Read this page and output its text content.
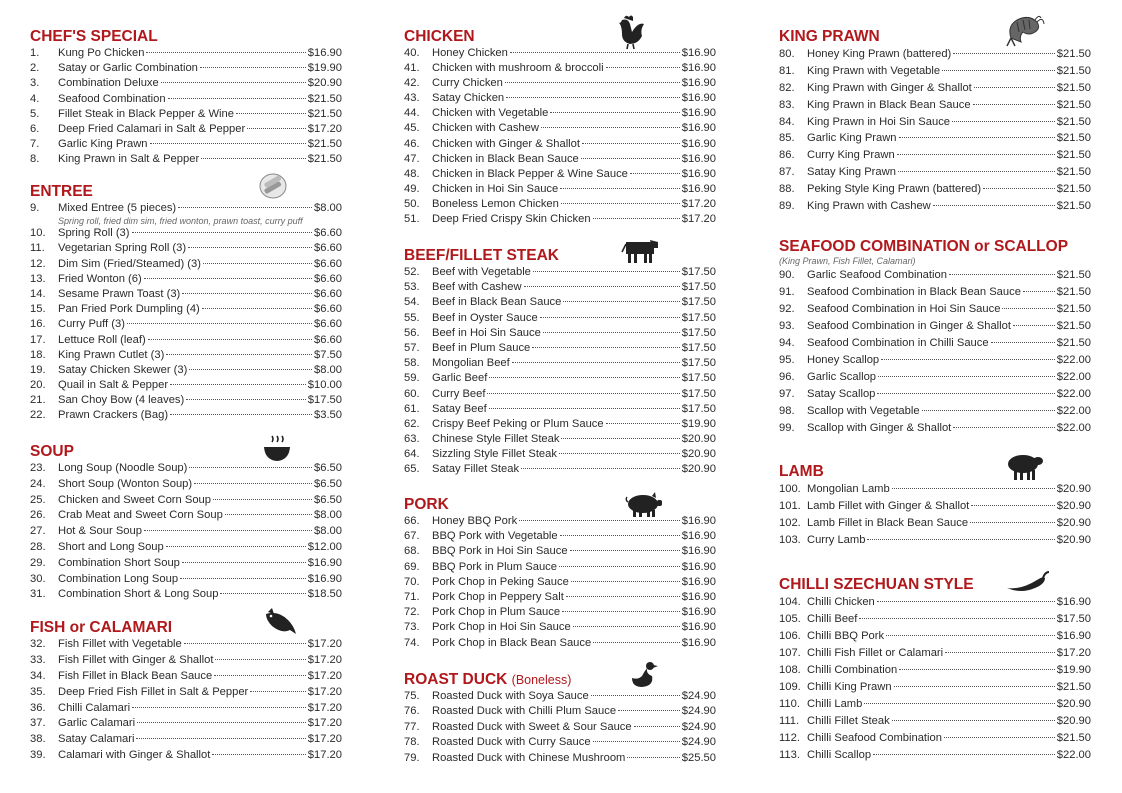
CHEF'S SPECIAL
1.	Kung Po Chicken	$16.90
2.	Satay or Garlic Combination	$19.90
3.	Combination Deluxe	$20.90
4.	Seafood Combination	$21.50
5.	Fillet Steak in Black Pepper & Wine	$21.50
6.	Deep Fried Calamari in Salt & Pepper	$17.20
7.	Garlic King Prawn	$21.50
8.	King Prawn in Salt & Pepper	$21.50
ENTREE
9.	Mixed Entree (5 pieces)	$8.00
Spring roll, fried dim sim, fried wonton, prawn toast, curry puff
10.	Spring Roll (3)	$6.60
11.	Vegetarian Spring Roll (3)	$6.60
12.	Dim Sim (Fried/Steamed) (3)	$6.60
13.	Fried Wonton (6)	$6.60
14.	Sesame Prawn Toast (3)	$6.60
15.	Pan Fried Pork Dumpling (4)	$6.60
16.	Curry Puff (3)	$6.60
17.	Lettuce Roll (leaf)	$6.60
18.	King Prawn Cutlet (3)	$7.50
19.	Satay Chicken Skewer (3)	$8.00
20.	Quail in Salt & Pepper	$10.00
21.	San Choy Bow (4 leaves)	$17.50
22.	Prawn Crackers (Bag)	$3.50
SOUP
23.	Long Soup (Noodle Soup)	$6.50
24.	Short Soup (Wonton Soup)	$6.50
25.	Chicken and Sweet Corn Soup	$6.50
26.	Crab Meat and Sweet Corn Soup	$8.00
27.	Hot & Sour Soup	$8.00
28.	Short and Long Soup	$12.00
29.	Combination Short Soup	$16.90
30.	Combination Long Soup	$16.90
31.	Combination Short & Long Soup	$18.50
FISH or CALAMARI
32.	Fish Fillet with Vegetable	$17.20
33.	Fish Fillet with Ginger & Shallot	$17.20
34.	Fish Fillet in Black Bean Sauce	$17.20
35.	Deep Fried Fish Fillet in Salt & Pepper	$17.20
36.	Chilli Calamari	$17.20
37.	Garlic Calamari	$17.20
38.	Satay Calamari	$17.20
39.	Calamari with Ginger & Shallot	$17.20
CHICKEN
40.	Honey Chicken	$16.90
41.	Chicken with mushroom & broccoli	$16.90
42.	Curry Chicken	$16.90
43.	Satay Chicken	$16.90
44.	Chicken with Vegetable	$16.90
45.	Chicken with Cashew	$16.90
46.	Chicken with Ginger & Shallot	$16.90
47.	Chicken in Black Bean Sauce	$16.90
48.	Chicken in Black Pepper & Wine Sauce	$16.90
49.	Chicken in Hoi Sin Sauce	$16.90
50.	Boneless Lemon Chicken	$17.20
51.	Deep Fried Crispy Skin Chicken	$17.20
BEEF/FILLET STEAK
52.	Beef with Vegetable	$17.50
53.	Beef with Cashew	$17.50
54.	Beef in Black Bean Sauce	$17.50
55.	Beef in Oyster Sauce	$17.50
56.	Beef in Hoi Sin Sauce	$17.50
57.	Beef in Plum Sauce	$17.50
58.	Mongolian Beef	$17.50
59.	Garlic Beef	$17.50
60.	Curry Beef	$17.50
61.	Satay Beef	$17.50
62.	Crispy Beef Peking or Plum Sauce	$19.90
63.	Chinese Style Fillet Steak	$20.90
64.	Sizzling Style Fillet Steak	$20.90
65.	Satay Fillet Steak	$20.90
PORK
66.	Honey BBQ Pork	$16.90
67.	BBQ Pork with Vegetable	$16.90
68.	BBQ Pork in Hoi Sin Sauce	$16.90
69.	BBQ Pork in Plum Sauce	$16.90
70.	Pork Chop in Peking Sauce	$16.90
71.	Pork Chop in Peppery Salt	$16.90
72.	Pork Chop in Plum Sauce	$16.90
73.	Pork Chop in Hoi Sin Sauce	$16.90
74.	Pork Chop in Black Bean Sauce	$16.90
ROAST DUCK (Boneless)
75.	Roasted Duck with Soya Sauce	$24.90
76.	Roasted Duck with Chilli Plum Sauce	$24.90
77.	Roasted Duck with Sweet & Sour Sauce	$24.90
78.	Roasted Duck with Curry Sauce	$24.90
79.	Roasted Duck with Chinese Mushroom	$25.50
KING PRAWN
80.	Honey King Prawn (battered)	$21.50
81.	King Prawn with Vegetable	$21.50
82.	King Prawn with Ginger & Shallot	$21.50
83.	King Prawn in Black Bean Sauce	$21.50
84.	King Prawn in Hoi Sin Sauce	$21.50
85.	Garlic King Prawn	$21.50
86.	Curry King Prawn	$21.50
87.	Satay King Prawn	$21.50
88.	Peking Style King Prawn (battered)	$21.50
89.	King Prawn with Cashew	$21.50
SEAFOOD COMBINATION or SCALLOP
(King Prawn, Fish Fillet, Calamari)
90.	Garlic Seafood Combination	$21.50
91.	Seafood Combination in Black Bean Sauce	$21.50
92.	Seafood Combination in Hoi Sin Sauce	$21.50
93.	Seafood Combination in Ginger & Shallot	$21.50
94.	Seafood Combination in Chilli Sauce	$21.50
95.	Honey Scallop	$22.00
96.	Garlic Scallop	$22.00
97.	Satay Scallop	$22.00
98.	Scallop with Vegetable	$22.00
99.	Scallop with Ginger & Shallot	$22.00
LAMB
100. Mongolian Lamb	$20.90
101. Lamb Fillet with Ginger & Shallot	$20.90
102. Lamb Fillet in Black Bean Sauce	$20.90
103. Curry Lamb	$20.90
CHILLI SZECHUAN STYLE
104. Chilli Chicken	$16.90
105. Chilli Beef	$17.50
106. Chilli BBQ Pork	$16.90
107. Chilli Fish Fillet or Calamari	$17.20
108. Chilli Combination	$19.90
109. Chilli King Prawn	$21.50
110. Chilli Lamb	$20.90
111. Chilli Fillet Steak	$20.90
112. Chilli Seafood Combination	$21.50
113. Chilli Scallop	$22.00
